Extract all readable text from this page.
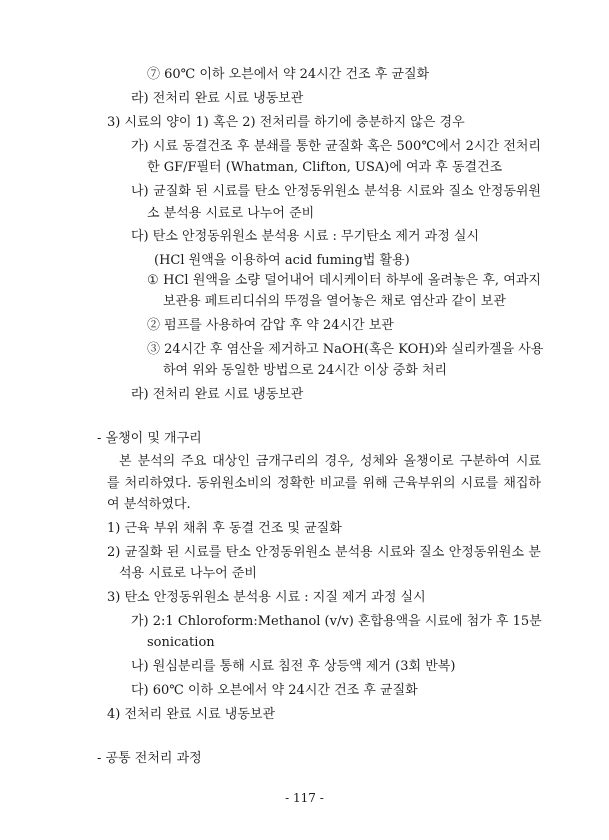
⑦ 60℃ 이하 오븐에서 약 24시간 건조 후 균질화

라) 전처리 완료 시료 냉동보관

3) 시료의 양이 1) 혹은 2) 전처리를 하기에 충분하지 않은 경우

가) 시료 동결건조 후 분쇄를 통한 균질화 혹은 500℃에서 2시간 전처리

한 GF/F필터 (Whatman, Clifton, USA)에 여과 후 동결건조

나) 균질화 된 시료를 탄소 안정동위원소 분석용 시료와 질소 안정동위원

소 분석용 시료로 나누어 준비

다) 탄소 안정동위원소 분석용 시료 : 무기탄소 제거 과정 실시

(HCl 원액을 이용하여 acid fuming법 활용)

① HCl 원액을 소량 덜어내어 데시케이터 하부에 올려놓은 후, 여과지

보관용 페트리디쉬의 뚜껑을 열어놓은 채로 염산과 같이 보관

② 펌프를 사용하여 감압 후 약 24시간 보관

③ 24시간 후 염산을 제거하고 NaOH(혹은 KOH)와 실리카겔을 사용

하여 위와 동일한 방법으로 24시간 이상 중화 처리

라) 전처리 완료 시료 냉동보관

- 올챙이 및 개구리

본 분석의 주요 대상인 금개구리의 경우, 성체와 올챙이로 구분하여 시료

를 처리하였다. 동위원소비의 정확한 비교를 위해 근육부위의 시료를 채집하

여 분석하였다.

1) 근육 부위 채취 후 동결 건조 및 균질화

2) 균질화 된 시료를 탄소 안정동위원소 분석용 시료와 질소 안정동위원소 분

석용 시료로 나누어 준비

3) 탄소 안정동위원소 분석용 시료 : 지질 제거 과정 실시

가) 2:1 Chloroform:Methanol (v/v) 혼합용액을 시료에 첨가 후 15분

sonication

나) 원심분리를 통해 시료 침전 후 상등액 제거 (3회 반복)

다) 60℃ 이하 오븐에서 약 24시간 건조 후 균질화

4) 전처리 완료 시료 냉동보관

- 공통 전처리 과정

- 117 -
